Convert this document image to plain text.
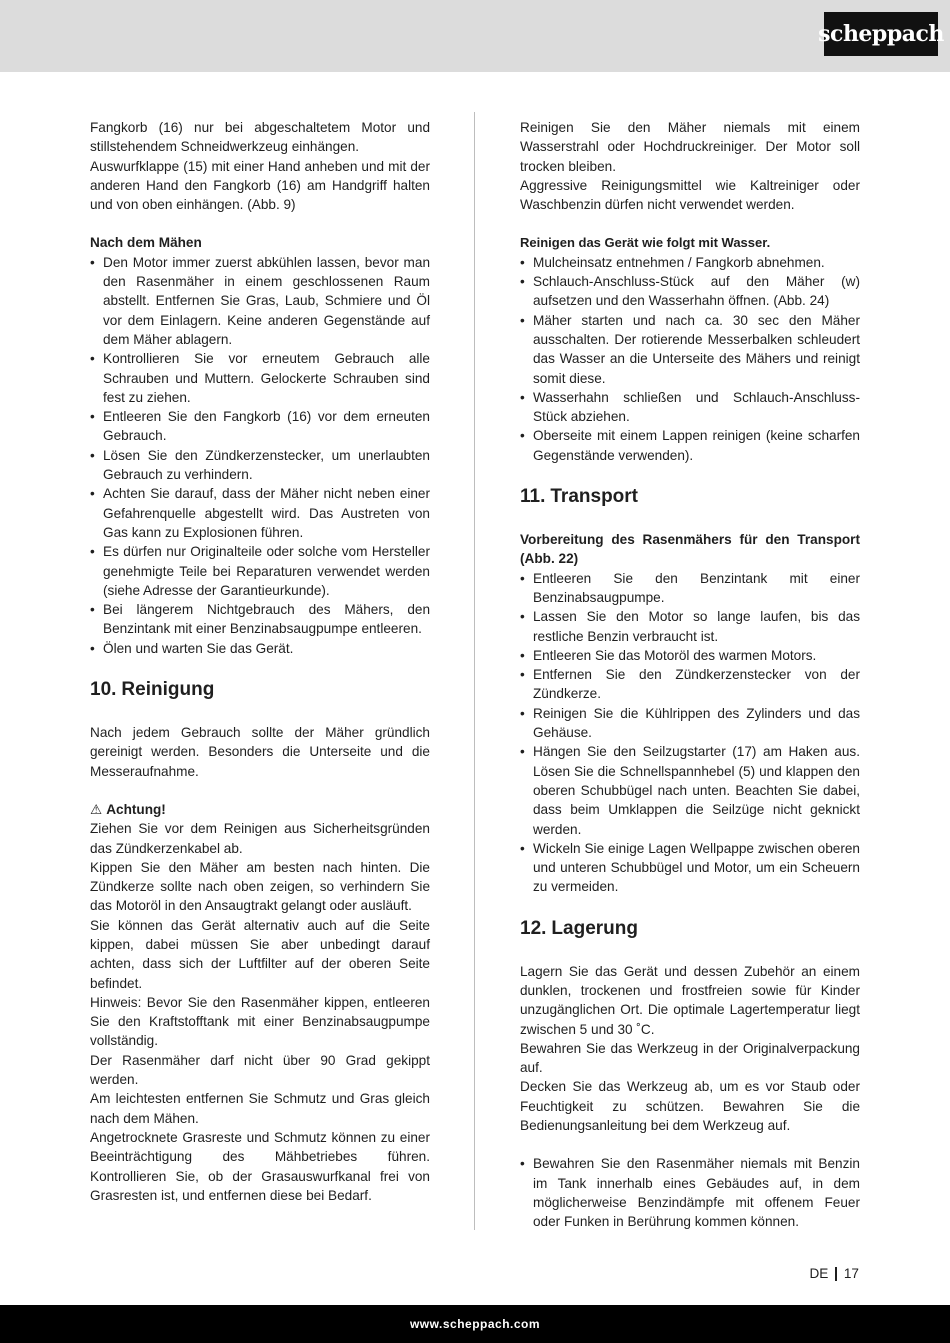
scheppach

Fangkorb (16) nur bei abgeschaltetem Motor und stillstehendem Schneidwerkzeug einhängen.

Auswurfklappe (15) mit einer Hand anheben und mit der anderen Hand den Fangkorb (16) am Handgriff halten und von oben einhängen. (Abb. 9)

Nach dem Mähen

• Den Motor immer zuerst abkühlen lassen, bevor man den Rasenmäher in einem geschlossenen Raum abstellt. Entfernen Sie Gras, Laub, Schmiere und Öl vor dem Einlagern. Keine anderen Gegenstände auf dem Mäher ablagern.
• Kontrollieren Sie vor erneutem Gebrauch alle Schrauben und Muttern. Gelockerte Schrauben sind fest zu ziehen.
• Entleeren Sie den Fangkorb (16) vor dem erneuten Gebrauch.
• Lösen Sie den Zündkerzenstecker, um unerlaubten Gebrauch zu verhindern.
• Achten Sie darauf, dass der Mäher nicht neben einer Gefahrenquelle abgestellt wird. Das Austreten von Gas kann zu Explosionen führen.
• Es dürfen nur Originalteile oder solche vom Hersteller genehmigte Teile bei Reparaturen verwendet werden (siehe Adresse der Garantieurkunde).
• Bei längerem Nichtgebrauch des Mähers, den Benzintank mit einer Benzinabsaugpumpe entleeren.
• Ölen und warten Sie das Gerät.
10. Reinigung

Nach jedem Gebrauch sollte der Mäher gründlich gereinigt werden. Besonders die Unterseite und die Messeraufnahme.

⚠ Achtung!

Ziehen Sie vor dem Reinigen aus Sicherheitsgründen das Zündkerzenkabel ab.

Kippen Sie den Mäher am besten nach hinten. Die Zündkerze sollte nach oben zeigen, so verhindern Sie das Motoröl in den Ansaugtrakt gelangt oder ausläuft.

Sie können das Gerät alternativ auch auf die Seite kippen, dabei müssen Sie aber unbedingt darauf achten, dass sich der Luftfilter auf der oberen Seite befindet.

Hinweis: Bevor Sie den Rasenmäher kippen, entleeren Sie den Kraftstofftank mit einer Benzinabsaugpumpe vollständig.

Der Rasenmäher darf nicht über 90 Grad gekippt werden.

Am leichtesten entfernen Sie Schmutz und Gras gleich nach dem Mähen.

Angetrocknete Grasreste und Schmutz können zu einer Beeinträchtigung des Mähbetriebes führen. Kontrollieren Sie, ob der Grasauswurfkanal frei von Grasresten ist, und entfernen diese bei Bedarf.

Reinigen Sie den Mäher niemals mit einem Wasserstrahl oder Hochdruckreiniger. Der Motor soll trocken bleiben.

Aggressive Reinigungsmittel wie Kaltreiniger oder Waschbenzin dürfen nicht verwendet werden.

Reinigen das Gerät wie folgt mit Wasser.

• Mulcheinsatz entnehmen / Fangkorb abnehmen.
• Schlauch-Anschluss-Stück auf den Mäher (w) aufsetzen und den Wasserhahn öffnen. (Abb. 24)
• Mäher starten und nach ca. 30 sec den Mäher ausschalten. Der rotierende Messerbalken schleudert das Wasser an die Unterseite des Mähers und reinigt somit diese.
• Wasserhahn schließen und Schlauch-Anschluss-Stück abziehen.
• Oberseite mit einem Lappen reinigen (keine scharfen Gegenstände verwenden).
11. Transport

Vorbereitung des Rasenmähers für den Transport (Abb. 22)

• Entleeren Sie den Benzintank mit einer Benzinabsaugpumpe.
• Lassen Sie den Motor so lange laufen, bis das restliche Benzin verbraucht ist.
• Entleeren Sie das Motoröl des warmen Motors.
• Entfernen Sie den Zündkerzenstecker von der Zündkerze.
• Reinigen Sie die Kühlrippen des Zylinders und das Gehäuse.
• Hängen Sie den Seilzugstarter (17) am Haken aus. Lösen Sie die Schnellspannhebel (5) und klappen den oberen Schubbügel nach unten. Beachten Sie dabei, dass beim Umklappen die Seilzüge nicht geknickt werden.
• Wickeln Sie einige Lagen Wellpappe zwischen oberen und unteren Schubbügel und Motor, um ein Scheuern zu vermeiden.
12. Lagerung

Lagern Sie das Gerät und dessen Zubehör an einem dunklen, trockenen und frostfreien sowie für Kinder unzugänglichen Ort. Die optimale Lagertemperatur liegt zwischen 5 und 30 ˚C.

Bewahren Sie das Werkzeug in der Originalverpackung auf.

Decken Sie das Werkzeug ab, um es vor Staub oder Feuchtigkeit zu schützen. Bewahren Sie die Bedienungsanleitung bei dem Werkzeug auf.

• Bewahren Sie den Rasenmäher niemals mit Benzin im Tank innerhalb eines Gebäudes auf, in dem möglicherweise Benzindämpfe mit offenem Feuer oder Funken in Berührung kommen können.
DE 17
www.scheppach.com
